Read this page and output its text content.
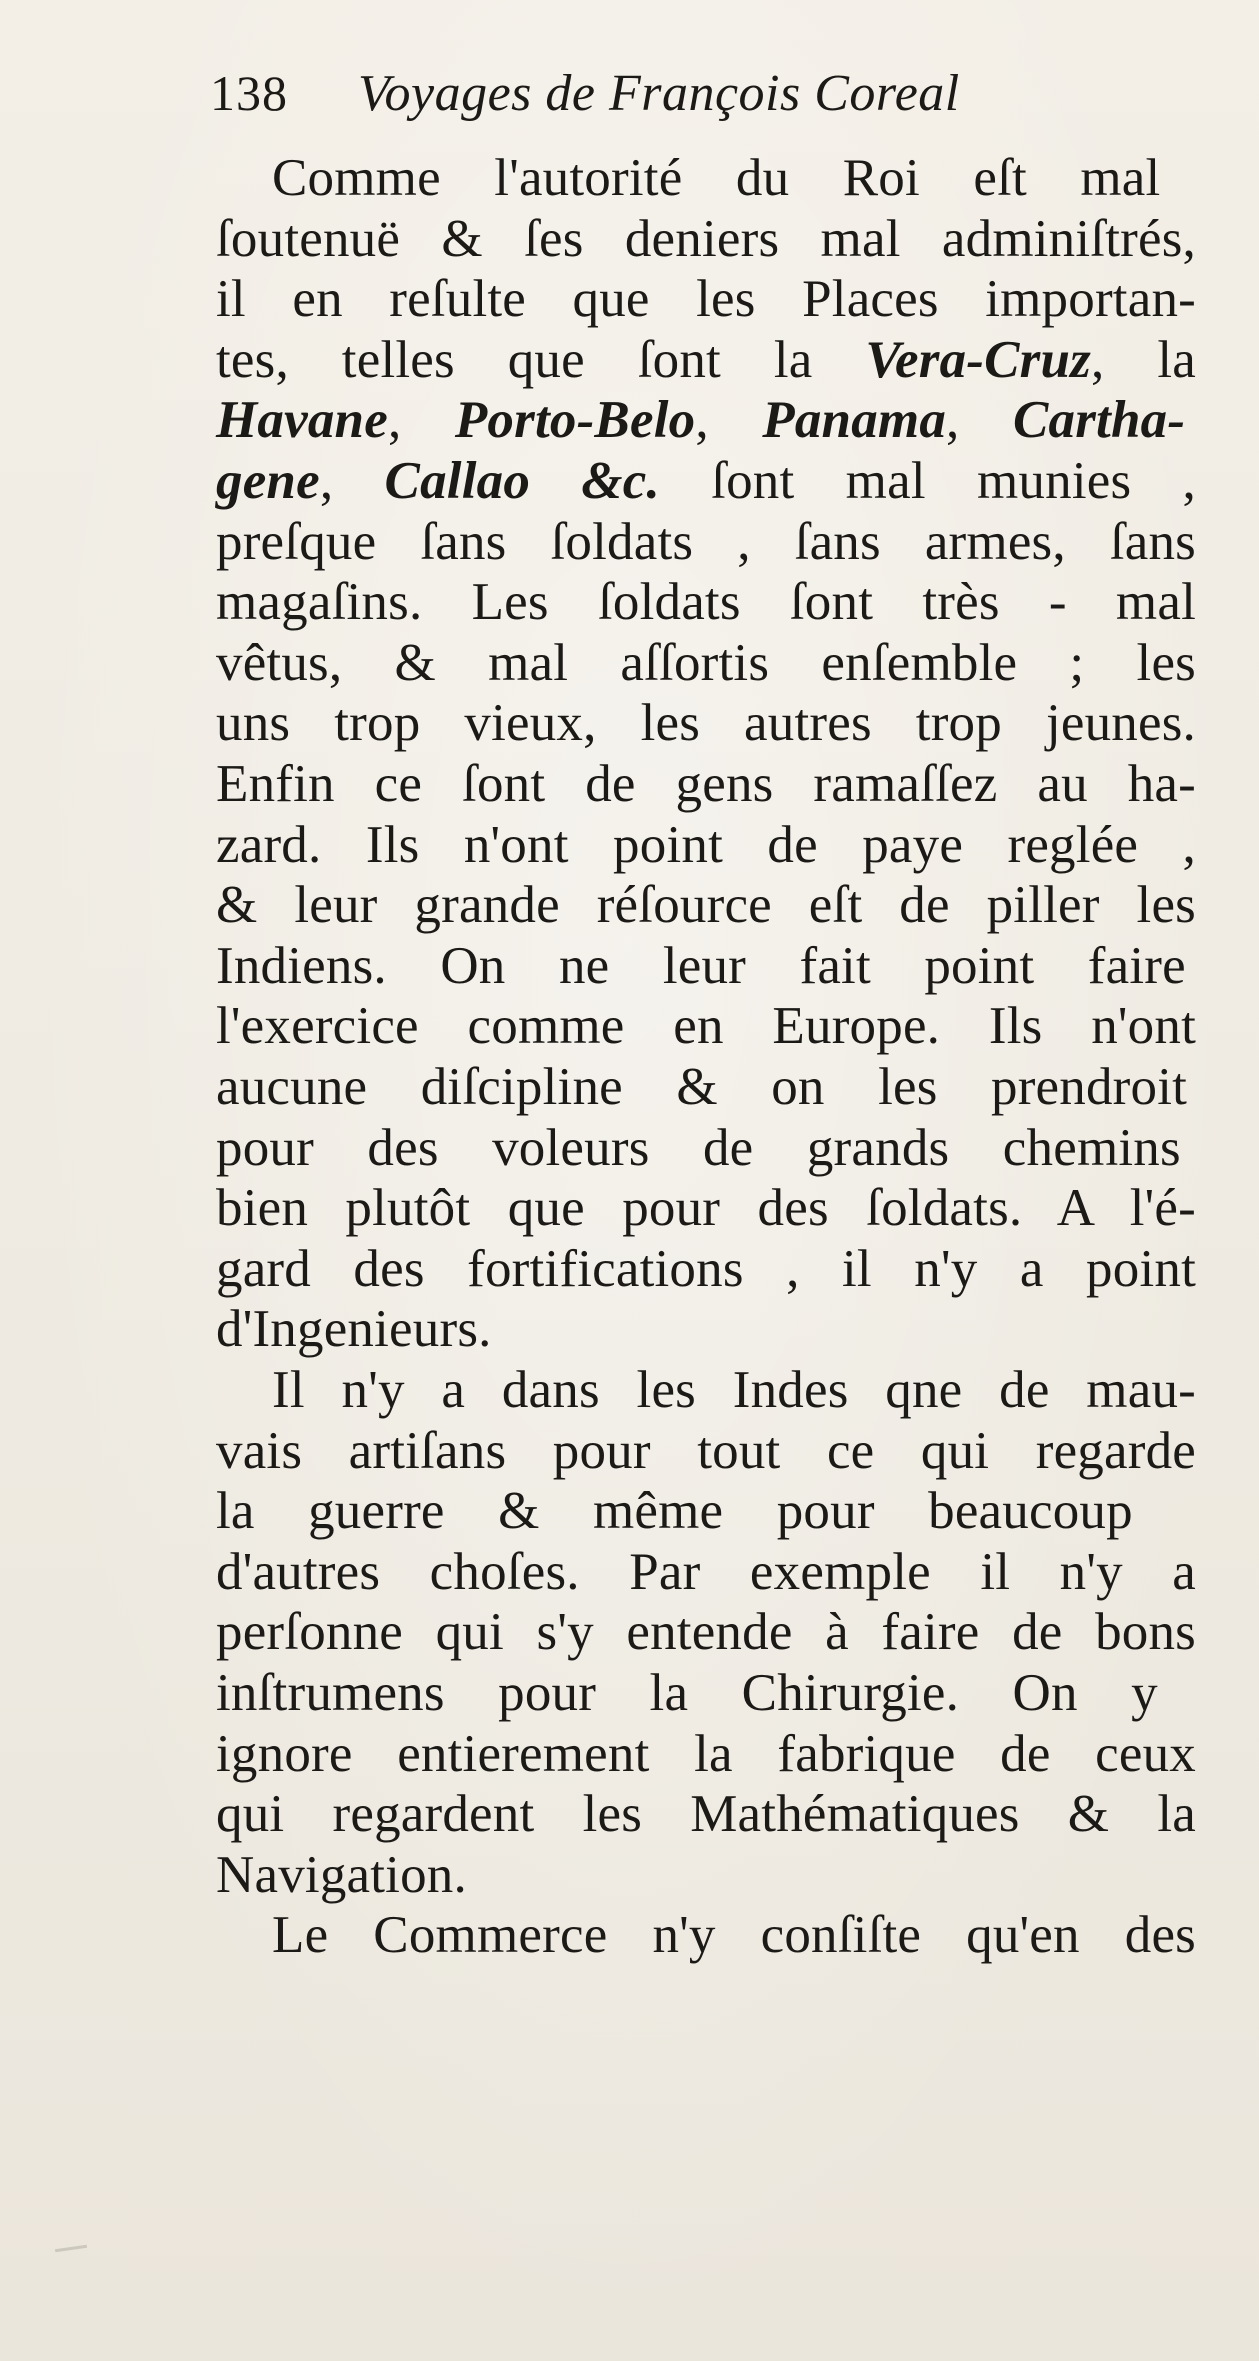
138 Voyages de François Coreal
Comme l'autorité du Roi eſt mal
ſoutenuë & ſes deniers mal adminiſtrés,
il en reſulte que les Places importan-
tes, telles que ſont la Vera-Cruz, la
Havane, Porto-Belo, Panama, Cartha-
gene, Callao &c. ſont mal munies ,
preſque ſans ſoldats , ſans armes, ſans
magaſins. Les ſoldats ſont très - mal
vêtus, & mal aſſortis enſemble ; les
uns trop vieux, les autres trop jeunes.
Enfin ce ſont de gens ramaſſez au ha-
zard. Ils n'ont point de paye reglée ,
& leur grande réſource eſt de piller les
Indiens. On ne leur fait point faire
l'exercice comme en Europe. Ils n'ont
aucune diſcipline & on les prendroit
pour des voleurs de grands chemins
bien plutôt que pour des ſoldats. A l'é-
gard des fortifications , il n'y a point
d'Ingenieurs.
Il n'y a dans les Indes qne de mau-
vais artiſans pour tout ce qui regarde
la guerre & même pour beaucoup
d'autres choſes. Par exemple il n'y a
perſonne qui s'y entende à faire de bons
inſtrumens pour la Chirurgie. On y
ignore entierement la fabrique de ceux
qui regardent les Mathématiques & la
Navigation.
Le Commerce n'y conſiſte qu'en des
